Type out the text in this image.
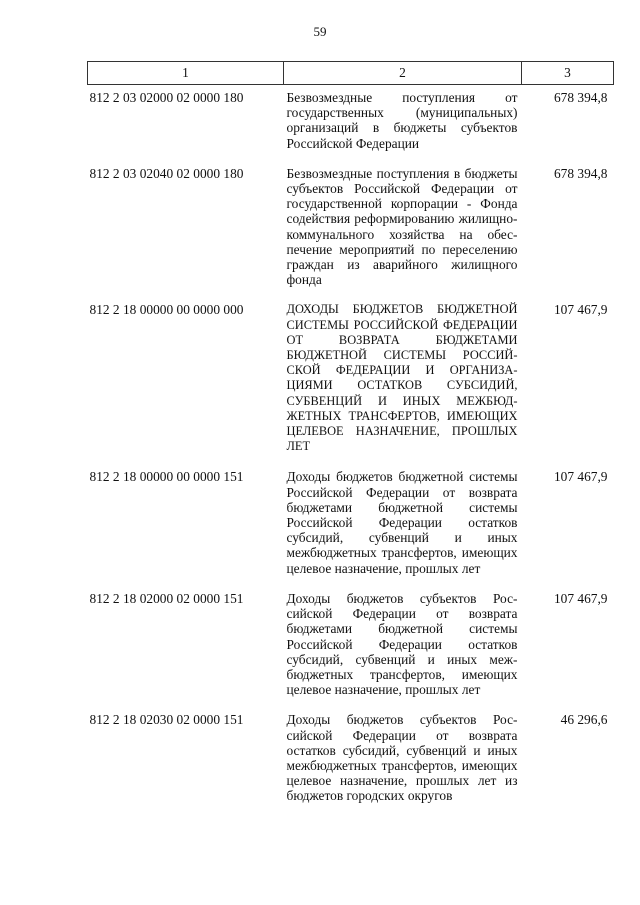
59
1	2	3
812 2 03 02000 02 0000 180	Безвозмездные поступления от государственных (муниципальных) организаций в бюджеты субъектов Российской Федерации	678 394,8
812 2 03 02040 02 0000 180	Безвозмездные поступления в бюджеты субъектов Российской Федерации от государственной корпорации - Фонда содействия реформированию жилищно-коммунального хозяйства на обеспечение мероприятий по переселению граждан из аварийного жилищного фонда	678 394,8
812 2 18 00000 00 0000 000	ДОХОДЫ БЮДЖЕТОВ БЮДЖЕТНОЙ СИСТЕМЫ РОССИЙСКОЙ ФЕДЕРАЦИИ ОТ ВОЗВРАТА БЮДЖЕТАМИ БЮДЖЕТНОЙ СИСТЕМЫ РОССИЙСКОЙ ФЕДЕРАЦИИ И ОРГАНИЗАЦИЯМИ ОСТАТКОВ СУБСИДИЙ, СУБВЕНЦИЙ И ИНЫХ МЕЖБЮДЖЕТНЫХ ТРАНСФЕРТОВ, ИМЕЮЩИХ ЦЕЛЕВОЕ НАЗНАЧЕНИЕ, ПРОШЛЫХ ЛЕТ	107 467,9
812 2 18 00000 00 0000 151	Доходы бюджетов бюджетной системы Российской Федерации от возврата бюджетами бюджетной системы Российской Федерации остатков субсидий, субвенций и иных межбюджетных трансфертов, имеющих целевое назначение, прошлых лет	107 467,9
812 2 18 02000 02 0000 151	Доходы бюджетов субъектов Российской Федерации от возврата бюджетами бюджетной системы Российской Федерации остатков субсидий, субвенций и иных межбюджетных трансфертов, имеющих целевое назначение, прошлых лет	107 467,9
812 2 18 02030 02 0000 151	Доходы бюджетов субъектов Российской Федерации от возврата остатков субсидий, субвенций и иных межбюджетных трансфертов, имеющих целевое назначение, прошлых лет из бюджетов городских округов	46 296,6
